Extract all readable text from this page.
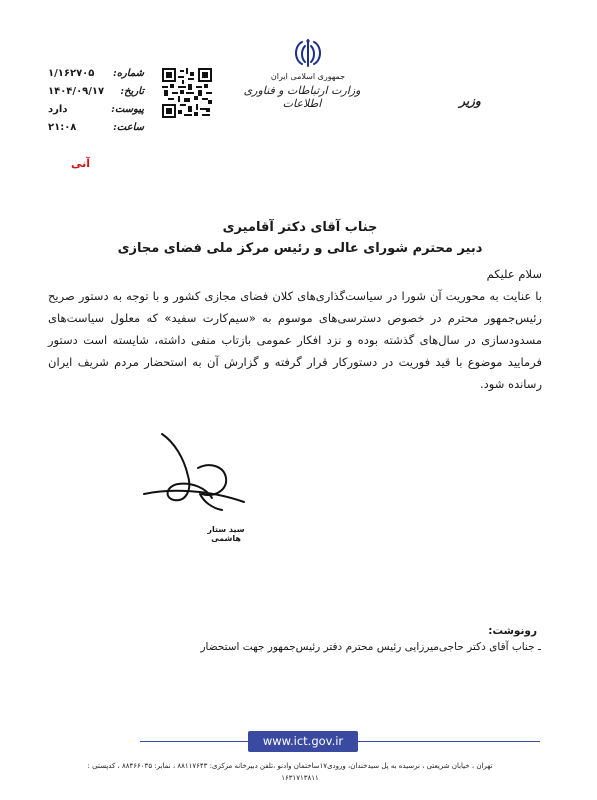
جمهوری اسلامی ایران
وزارت ارتباطات و فناوری اطلاعات	وزیر
شماره:
۱/۱۶۲۷۰۵
تاریخ:
۱۴۰۴/۰۹/۱۷
پیوست:
دارد
ساعت:
۲۱:۰۸
آنی
جناب آقای دکتر آقامیری
دبیر محترم شورای عالی و رئیس مرکز ملی فضای مجازی
سلام علیکم
با عنایت به محوریت آن شورا در سیاست‌گذاری‌های کلان فضای مجازی کشور و با توجه به دستور صریح رئیس‌جمهور محترم در خصوص دسترسی‌های موسوم به «سیم‌کارت سفید» که معلول سیاست‌های مسدودسازی در سال‌های گذشته بوده و نزد افکار عمومی بازتاب منفی داشته، شایسته است دستور فرمایید موضوع با قید فوریت در دستورکار قرار گرفته و گزارش آن به استحضار مردم شریف ایران رسانده شود.
سید ستار هاشمی
رونوشت:
ـ جناب آقای دکتر حاجی‌میرزایی رئیس محترم دفتر رئیس‌جمهور جهت استحضار
www.ict.gov.ir
تهران ، خیابان شریعتی ، نرسیده به پل سیدخندان، ورودی۱۷ساختمان وادنو ،تلفن دبیرخانه مرکزی: ۸۸۱۱۷۶۴۳ ، نمابر: ۸۸۴۶۶۰۳۵ ، کدپستی :
۱۶۳۱۷۱۳۸۱۱
